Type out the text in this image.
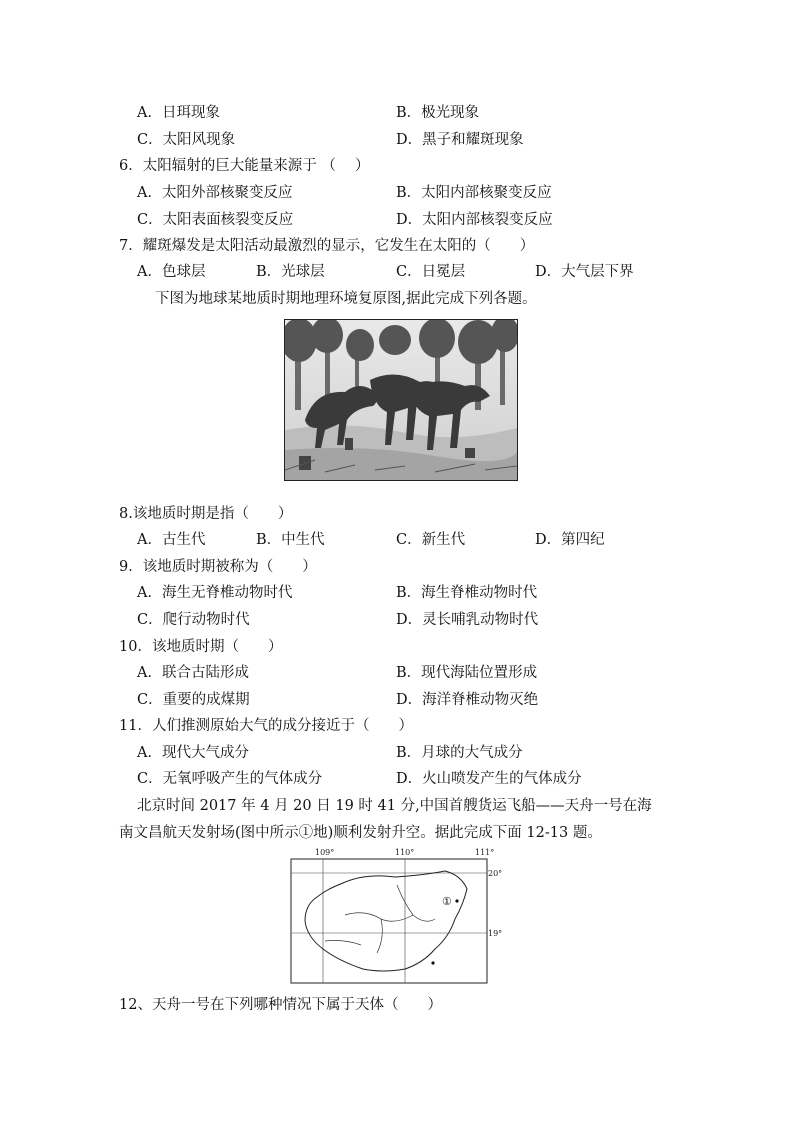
A．日珥现象	B．极光现象
C．太阳风现象	D．黑子和耀斑现象
6．太阳辐射的巨大能量来源于 （　 ）
A．太阳外部核聚变反应	B．太阳内部核聚变反应
C．太阳表面核裂变反应	D．太阳内部核裂变反应
7．耀斑爆发是太阳活动最激烈的显示，它发生在太阳的（　　）
A．色球层	B．光球层	C．日冕层	D．大气层下界
下图为地球某地质时期地理环境复原图,据此完成下列各题。
8.该地质时期是指（　　）
A．古生代	B．中生代	C．新生代	D．第四纪
9．该地质时期被称为（　　）
A．海生无脊椎动物时代	B．海生脊椎动物时代
C．爬行动物时代	D．灵长哺乳动物时代
10．该地质时期（　　）
A．联合古陆形成	B．现代海陆位置形成
C．重要的成煤期	D．海洋脊椎动物灭绝
11．人们推测原始大气的成分接近于（　　）
A．现代大气成分	B．月球的大气成分
C．无氧呼吸产生的气体成分	D．火山喷发产生的气体成分
北京时间 2017 年 4 月 20 日 19 时 41 分,中国首艘货运飞船——天舟一号在海
南文昌航天发射场(图中所示①地)顺利发射升空。据此完成下面 12-13 题。
109°	110°	111°
20°
19°
①
12、天舟一号在下列哪种情况下属于天体（　　）
